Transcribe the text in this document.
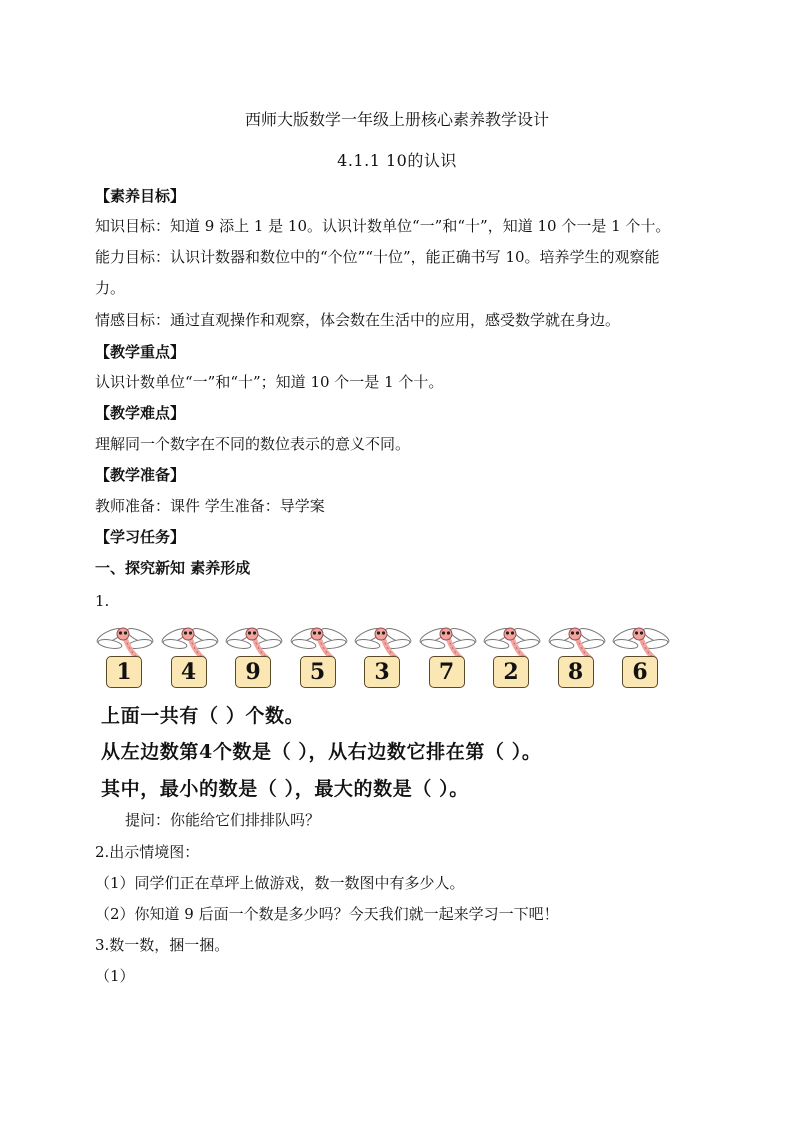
西师大版数学一年级上册核心素养教学设计
4.1.1 10的认识
【素养目标】
知识目标：知道 9 添上 1 是 10。认识计数单位“一”和“十”，知道 10 个一是 1 个十。
能力目标：认识计数器和数位中的“个位”“十位”，能正确书写 10。培养学生的观察能
力。
情感目标：通过直观操作和观察，体会数在生活中的应用，感受数学就在身边。
【教学重点】
认识计数单位“一”和“十”；知道 10 个一是 1 个十。
【教学难点】
理解同一个数字在不同的数位表示的意义不同。
【教学准备】
教师准备：课件 学生准备：导学案
【学习任务】
一、探究新知 素养形成
1.
1	4	9	5	3	7	2	8	6
上面一共有（ ）个数。
从左边数第4个数是（ ），从右边数它排在第（ ）。
其中，最小的数是（ ），最大的数是（ ）。
提问：你能给它们排排队吗？
2.出示情境图：
（1）同学们正在草坪上做游戏，数一数图中有多少人。
（2）你知道 9 后面一个数是多少吗？今天我们就一起来学习一下吧！
3.数一数，捆一捆。
（1）
